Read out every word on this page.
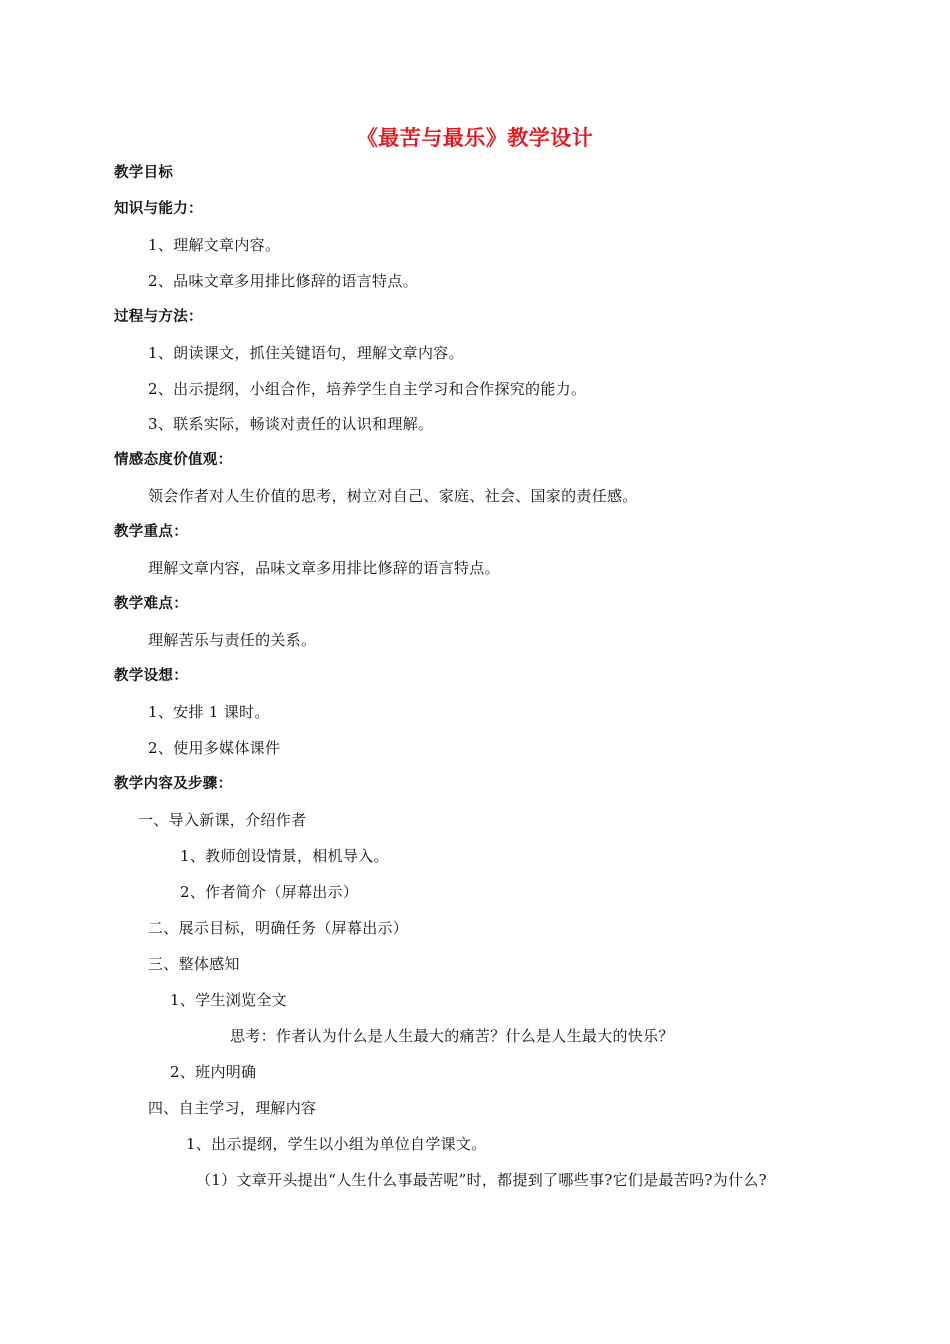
《最苦与最乐》教学设计
教学目标
知识与能力：
1、理解文章内容。
2、品味文章多用排比修辞的语言特点。
过程与方法：
1、朗读课文，抓住关键语句，理解文章内容。
2、出示提纲，小组合作，培养学生自主学习和合作探究的能力。
3、联系实际，畅谈对责任的认识和理解。
情感态度价值观：
领会作者对人生价值的思考，树立对自己、家庭、社会、国家的责任感。
教学重点：
理解文章内容，品味文章多用排比修辞的语言特点。
教学难点：
理解苦乐与责任的关系。
教学设想：
1、安排 1 课时。
2、使用多媒体课件
教学内容及步骤：
一、导入新课，介绍作者
1、教师创设情景，相机导入。
2、作者简介（屏幕出示）
二、展示目标，明确任务（屏幕出示）
三、整体感知
1、学生浏览全文
思考：作者认为什么是人生最大的痛苦？什么是人生最大的快乐？
2、班内明确
四、自主学习，理解内容
1、出示提纲，学生以小组为单位自学课文。
（1）文章开头提出“人生什么事最苦呢”时，都提到了哪些事?它们是最苦吗?为什么?
